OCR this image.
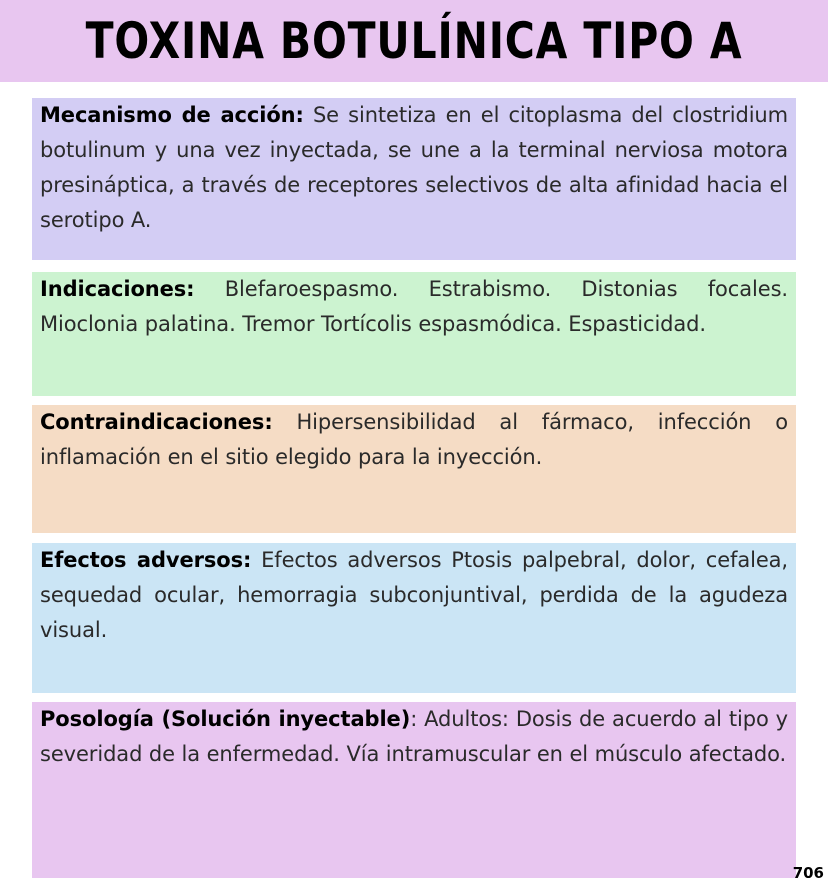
TOXINA BOTULÍNICA TIPO A
Mecanismo de acción: Se sintetiza en el citoplasma del clostridium botulinum y una vez inyectada, se une a la terminal nerviosa motora presináptica, a través de receptores selectivos de alta afinidad hacia el serotipo A.
Indicaciones: Blefaroespasmo. Estrabismo. Distonias focales. Mioclonia palatina. Tremor Tortícolis espasmódica. Espasticidad.
Contraindicaciones: Hipersensibilidad al fármaco, infección o inflamación en el sitio elegido para la inyección.
Efectos adversos: Efectos adversos Ptosis palpebral, dolor, cefalea, sequedad ocular, hemorragia subconjuntival, perdida de la agudeza visual.
Posología (Solución inyectable): Adultos: Dosis de acuerdo al tipo y severidad de la enfermedad. Vía intramuscular en el músculo afectado.
706
